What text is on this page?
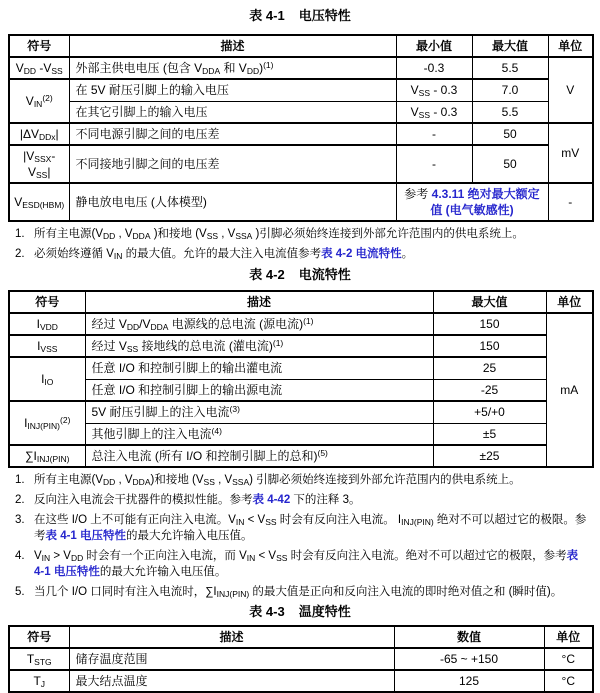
表 4-1 电压特性
符号	描述	最小值	最大值	单位
$V_{DD}$ $-V_{SS}$	外部主供电电压 (包含 $V_{DDA}$ 和 $V_{DD})^{(1)}$	-0.3	5.5	V
$V_{IN}^{(2)}$	在 5V 耐压引脚上的输入电压	$V_{SS} - 0.3$	7.0	
	在其它引脚上的输入电压	$V_{SS} - 0.3$	5.5	
$|\Delta V_{DDx}|$	不同电源引脚之间的电压差	-	50	mV
$|V_{SSX}-V_{SS}|$	不同接地引脚之间的电压差	-	50	
$V_{ESD(HBM)}$	静电放电电压 (人体模型)	参考 4.3.11 绝对最大额定值 (电气敏感性)		-
1. 所有主电源($V_{DD}$ , $V_{DDA}$ )和接地 ($V_{SS}$ , $V_{SSA}$ )引脚必须始终连接到外部允许范围内的供电系统上。
2. 必须始终遵循 $V_{IN}$ 的最大值。允许的最大注入电流值参考表 4-2 电流特性。
表 4-2 电流特性
符号	描述	最大值	单位
$I_{VDD}$	经过 $V_{DD}/V_{DDA}$ 电源线的总电流 (源电流)$^{(1)}$	150	mA
$I_{VSS}$	经过 $V_{SS}$ 接地线的总电流 (灌电流)$^{(1)}$	150	
$I_{IO}$	任意 I/O 和控制引脚上的输出灌电流	25	
	任意 I/O 和控制引脚上的输出源电流	-25	
$I_{INJ(PIN)}^{(2)}$	5V 耐压引脚上的注入电流$^{(3)}$	+5/+0	
	其他引脚上的注入电流$^{(4)}$	±5	
$\sum I_{INJ(PIN)}$	总注入电流 (所有 I/O 和控制引脚上的总和)$^{(5)}$	±25	
1. 所有主电源($V_{DD}$ , $V_{DDA}$)和接地 ($V_{SS}$ , $V_{SSA}$) 引脚必须始终连接到外部允许范围内的供电系统上。
2. 反向注入电流会干扰器件的模拟性能。参考表 4-42 下的注释 3。
3. 在这些 I/O 上不可能有正向注入电流。$V_{IN} < V_{SS}$ 时会有反向注入电流。 $I_{INJ(PIN)}$ 绝对不可以超过它的极限。参考表 4-1 电压特性的最大允许输入电压值。
4. $V_{IN} > V_{DD}$ 时会有一个正向注入电流，而 $V_{IN} < V_{SS}$ 时会有反向注入电流。绝对不可以超过它的极限，参考表 4-1 电压特性的最大允许输入电压值。
5. 当几个 I/O 口同时有注入电流时，$\sum I_{INJ(PIN)}$ 的最大值是正向和反向注入电流的即时绝对值之和 (瞬时值)。
表 4-3 温度特性
符号	描述	数值	单位
$T_{STG}$	储存温度范围	-65 ~ +150	°C
$T_J$	最大结点温度	125	°C
